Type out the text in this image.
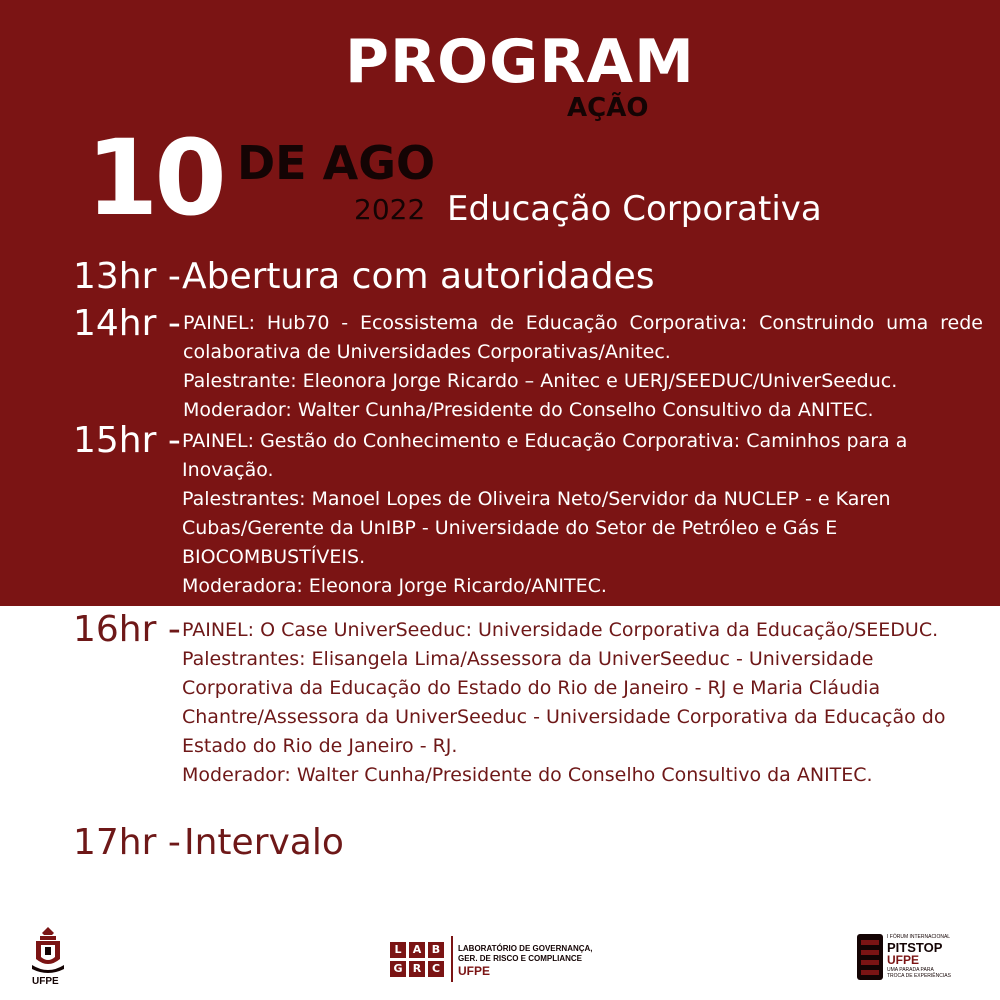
PROGRAM
AÇÃO
10 DE AGO
2022 Educação Corporativa
13hr - Abertura com autoridades
14hr - PAINEL: Hub70 - Ecossistema de Educação Corporativa: Construindo uma rede colaborativa de Universidades Corporativas/Anitec.

Palestrante: Eleonora Jorge Ricardo – Anitec e UERJ/SEEDUC/UniverSeeduc.

Moderador: Walter Cunha/Presidente do Conselho Consultivo da ANITEC.

15hr - PAINEL: Gestão do Conhecimento e Educação Corporativa: Caminhos para a Inovação.

Palestrantes: Manoel Lopes de Oliveira Neto/Servidor da NUCLEP - e Karen Cubas/Gerente da UnIBP - Universidade do Setor de Petróleo e Gás E BIOCOMBUSTÍVEIS.

Moderadora: Eleonora Jorge Ricardo/ANITEC.

16hr - PAINEL: O Case UniverSeeduc: Universidade Corporativa da Educação/SEEDUC.

Palestrantes: Elisangela Lima/Assessora da UniverSeeduc - Universidade Corporativa da Educação do Estado do Rio de Janeiro - RJ e Maria Cláudia Chantre/Assessora da UniverSeeduc - Universidade Corporativa da Educação do Estado do Rio de Janeiro - RJ.

Moderador: Walter Cunha/Presidente do Conselho Consultivo da ANITEC.

17hr - Intervalo
UFPE
L	A B
G R C
LABORATÓRIO DE GOVERNANÇA,
GER. DE RISCO E COMPLIANCE
UFPE
I FÓRUM INTERNACIONAL
PITSTOP
UFPE
UMA PARADA PARA
TROCA DE EXPERIÊNCIAS
